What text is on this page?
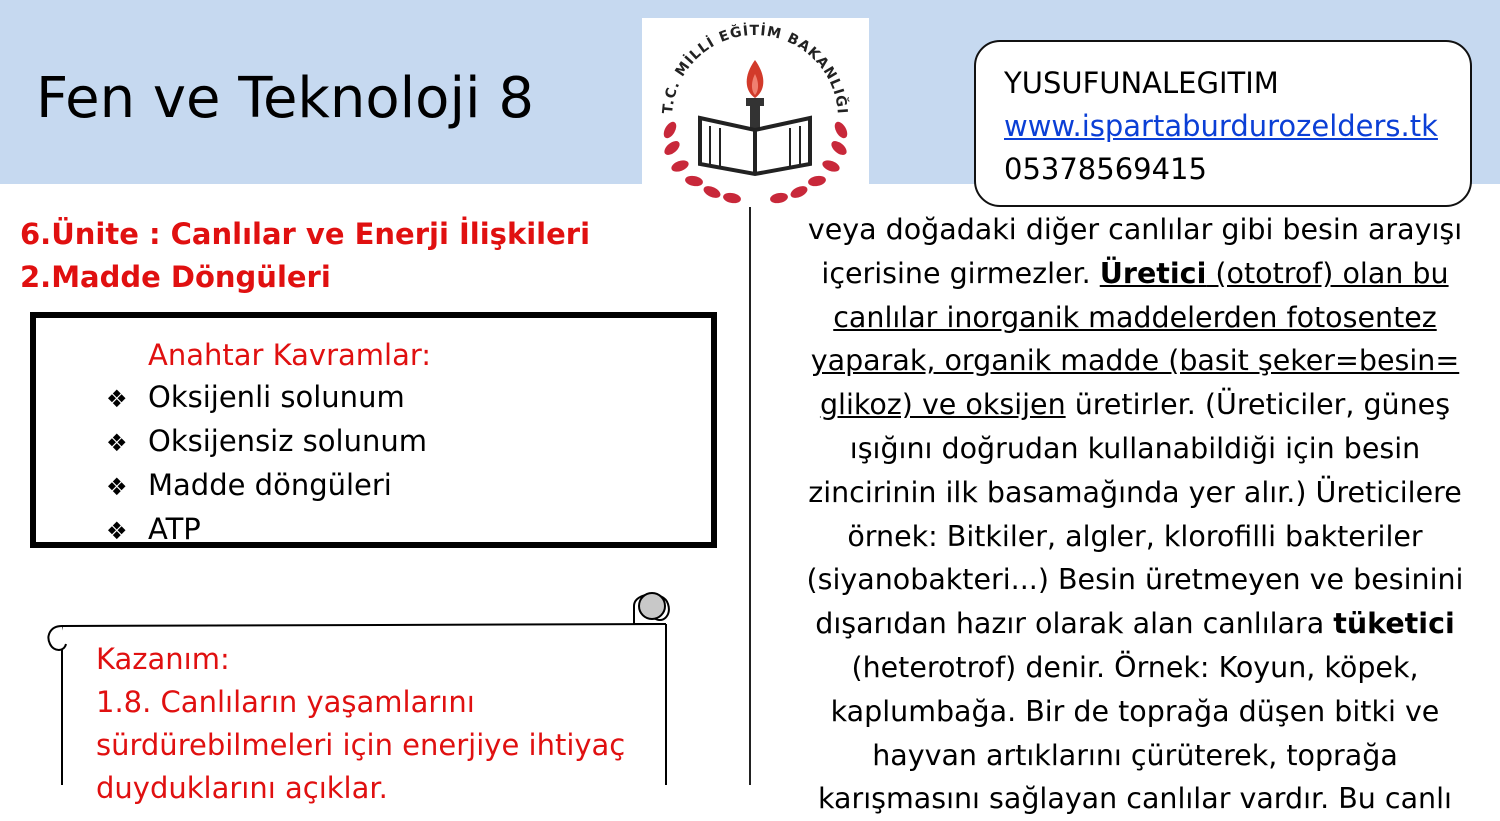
Fen ve Teknoloji 8	T.C. MİLLİ EĞİTİM BAKANLIĞI
YUSUFUNALEGITIM
www.ispartaburdurozelders.tk
05378569415
6.Ünite : Canlılar ve Enerji İlişkileri
2.Madde Döngüleri
Anahtar Kavramlar:
❖ Oksijenli solunum
❖ Oksijensiz solunum
❖ Madde döngüleri
❖ ATP
Kazanım:
1.8. Canlıların yaşamlarını
sürdürebilmeleri için enerjiye ihtiyaç
duyduklarını açıklar.
veya doğadaki diğer canlılar gibi besin arayışı
içerisine girmezler. Üretici (ototrof) olan bu
canlılar inorganik maddelerden fotosentez
yaparak, organik madde (basit şeker=besin=
glikoz) ve oksijen üretirler. (Üreticiler, güneş
ışığını doğrudan kullanabildiği için besin
zincirinin ilk basamağında yer alır.) Üreticilere
örnek: Bitkiler, algler, klorofilli bakteriler
(siyanobakteri...) Besin üretmeyen ve besinini
dışarıdan hazır olarak alan canlılara tüketici
(heterotrof) denir. Örnek: Koyun, köpek,
kaplumbağa. Bir de toprağa düşen bitki ve
hayvan artıklarını çürüterek, toprağa
karışmasını sağlayan canlılar vardır. Bu canlı
